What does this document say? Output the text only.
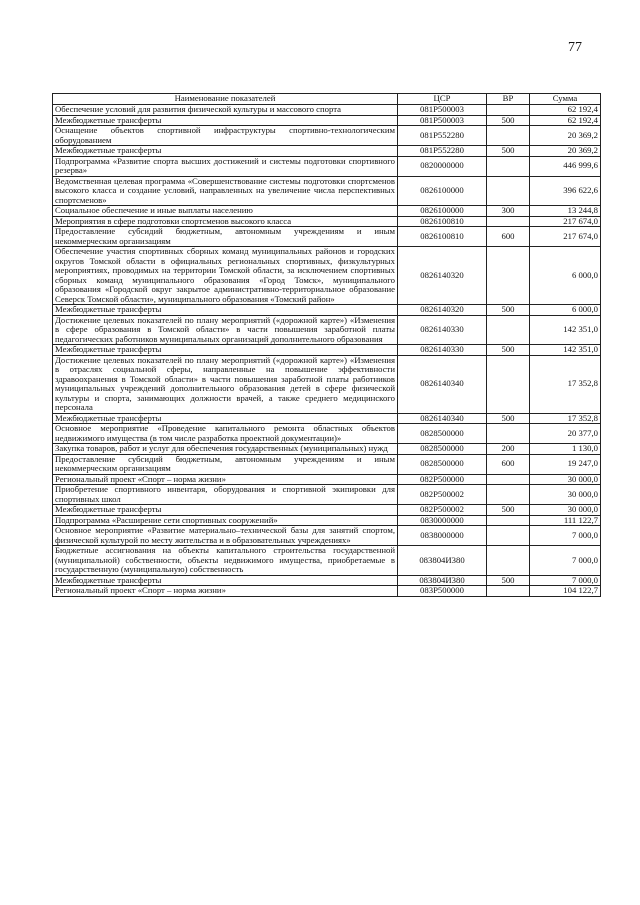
77
Наименование показателей	ЦСР	ВР	Сумма
Обеспечение условий для развития физической культуры и массового спорта	081P500003		62 192,4
Межбюджетные трансферты	081P500003	500	62 192,4
Оснащение объектов спортивной инфраструктуры спортивно-технологическим оборудованием	081P552280		20 369,2
Межбюджетные трансферты	081P552280	500	20 369,2
Подпрограмма «Развитие спорта высших достижений и системы подготовки спортивного резерва»	0820000000		446 999,6
Ведомственная целевая программа «Совершенствование системы подготовки спортсменов высокого класса и создание условий, направленных на увеличение числа перспективных спортсменов»	0826100000		396 622,6
Социальное обеспечение и иные выплаты населению	0826100000	300	13 244,8
Мероприятия в сфере подготовки спортсменов высокого класса	0826100810		217 674,0
Предоставление субсидий бюджетным, автономным учреждениям и иным некоммерческим организациям	0826100810	600	217 674,0
Обеспечение участия спортивных сборных команд муниципальных районов и городских округов Томской области в официальных региональных спортивных, физкультурных мероприятиях, проводимых на территории Томской области, за исключением спортивных сборных команд муниципального образования «Город Томск», муниципального образования «Городской округ закрытое административно-территориальное образование Северск Томской области», муниципального образования «Томский район»	0826140320		6 000,0
Межбюджетные трансферты	0826140320	500	6 000,0
Достижение целевых показателей по плану мероприятий («дорожной карте») «Изменения в сфере образования в Томской области» в части повышения заработной платы педагогических работников муниципальных организаций дополнительного образования	0826140330		142 351,0
Межбюджетные трансферты	0826140330	500	142 351,0
Достижение целевых показателей по плану мероприятий («дорожной карте») «Изменения в отраслях социальной сферы, направленные на повышение эффективности здравоохранения в Томской области» в части повышения заработной платы работников муниципальных учреждений дополнительного образования детей в сфере физической культуры и спорта, занимающих должности врачей, а также среднего медицинского персонала	0826140340		17 352,8
Межбюджетные трансферты	0826140340	500	17 352,8
Основное мероприятие «Проведение капитального ремонта областных объектов недвижимого имущества (в том числе разработка проектной документации)»	0828500000		20 377,0
Закупка товаров, работ и услуг для обеспечения государственных (муниципальных) нужд	0828500000	200	1 130,0
Предоставление субсидий бюджетным, автономным учреждениям и иным некоммерческим организациям	0828500000	600	19 247,0
Региональный проект «Спорт – норма жизни»	082P500000		30 000,0
Приобретение спортивного инвентаря, оборудования и спортивной экипировки для спортивных школ	082P500002		30 000,0
Межбюджетные трансферты	082P500002	500	30 000,0
Подпрограмма «Расширение сети спортивных сооружений»	0830000000		111 122,7
Основное мероприятие «Развитие материально–технической базы для занятий спортом, физической культурой по месту жительства и в образовательных учреждениях»	0838000000		7 000,0
Бюджетные ассигнования на объекты капитального строительства государственной (муниципальной) собственности, объекты недвижимого имущества, приобретаемые в государственную (муниципальную) собственность	083804И380		7 000,0
Межбюджетные трансферты	083804И380	500	7 000,0
Региональный проект «Спорт – норма жизни»	083P500000		104 122,7
